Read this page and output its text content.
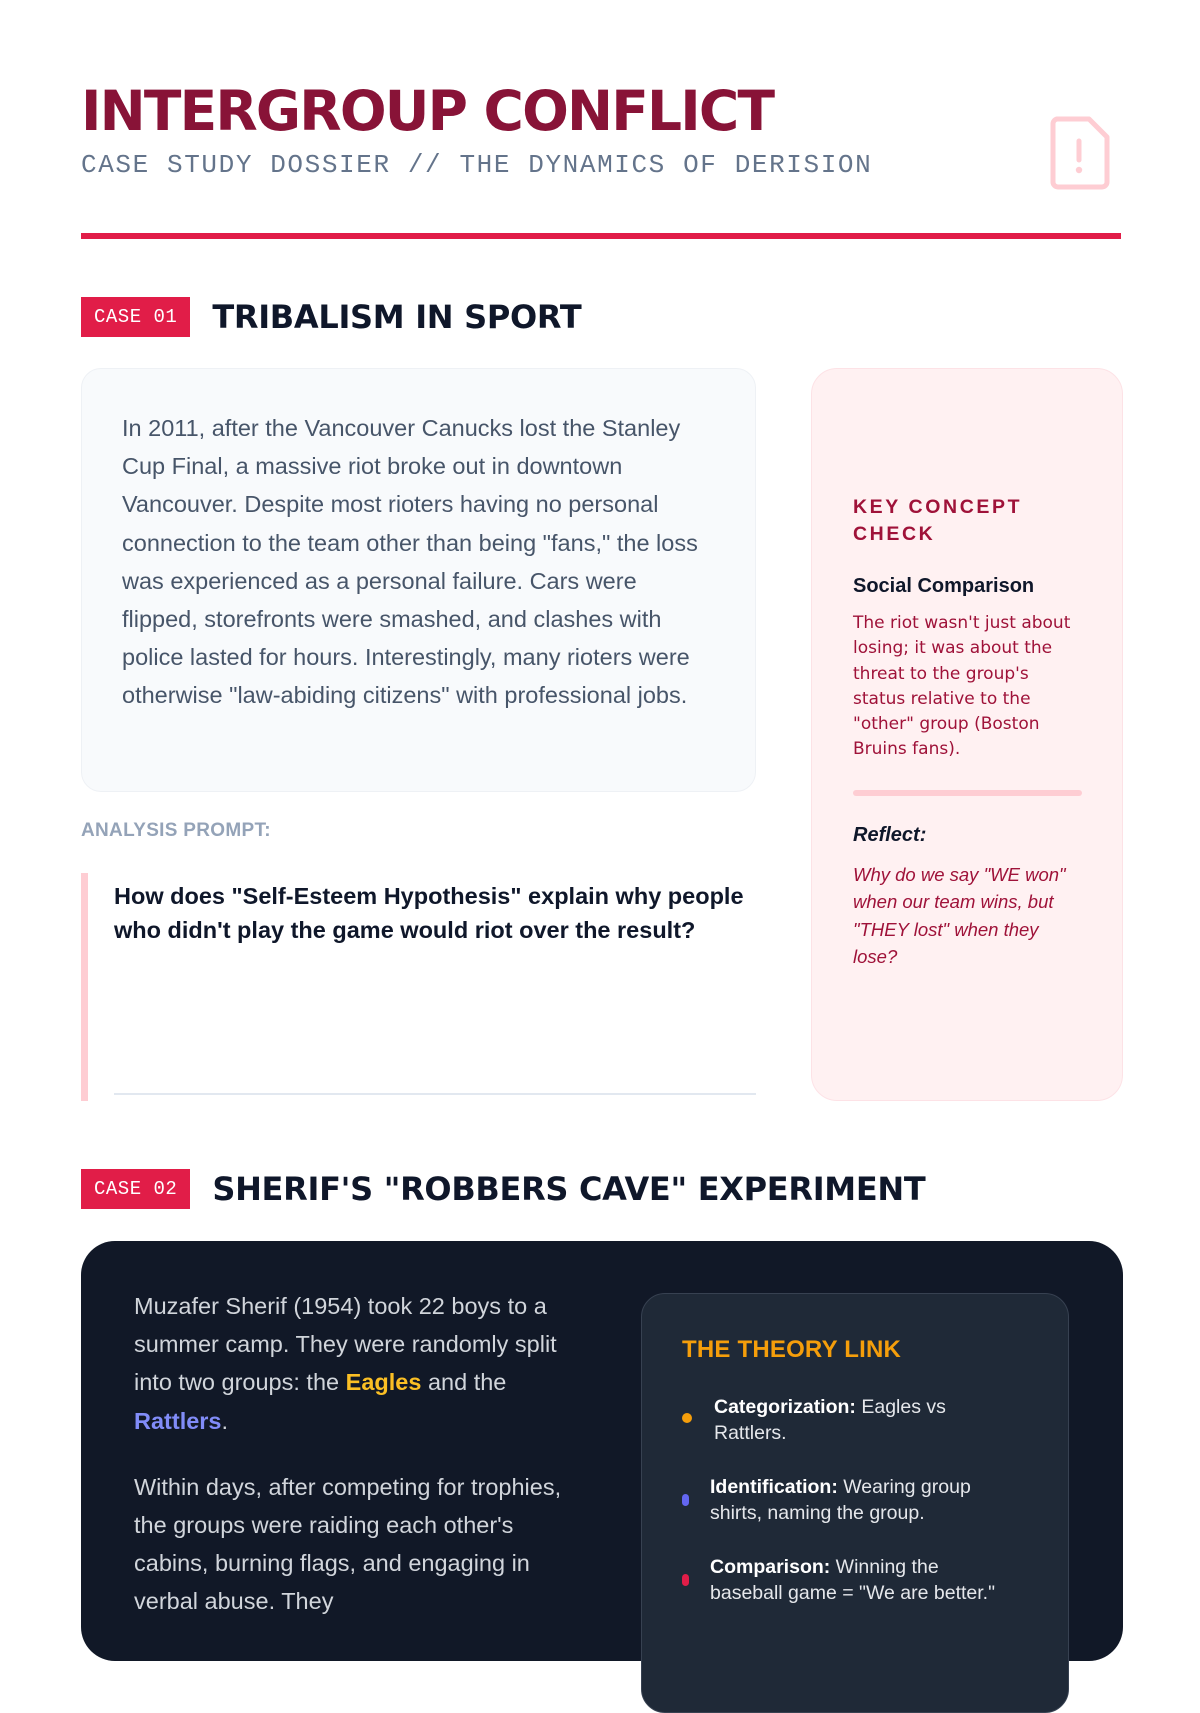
INTERGROUP CONFLICT
CASE STUDY DOSSIER // THE DYNAMICS OF DERISION
CASE 01	TRIBALISM IN SPORT

In 2011, after the Vancouver Canucks lost the Stanley Cup Final, a massive riot broke out in downtown Vancouver. Despite most rioters having no personal connection to the team other than being "fans," the loss was experienced as a personal failure. Cars were flipped, storefronts were smashed, and clashes with police lasted for hours. Interestingly, many rioters were otherwise "law-abiding citizens" with professional jobs.

ANALYSIS PROMPT:

How does "Self-Esteem Hypothesis" explain why people who didn't play the game would riot over the result?

KEY CONCEPT CHECK
Social Comparison

The riot wasn't just about losing; it was about the threat to the group's status relative to the "other" group (Boston Bruins fans).

Reflect:

Why do we say "WE won" when our team wins, but "THEY lost" when they lose?

CASE 02	SHERIF'S "ROBBERS CAVE" EXPERIMENT

Muzafer Sherif (1954) took 22 boys to a summer camp. They were randomly split into two groups: the Eagles and the Rattlers.

Within days, after competing for trophies, the groups were raiding each other's cabins, burning flags, and engaging in verbal abuse. They

THE THEORY LINK
Categorization: Eagles vs Rattlers.
Identification: Wearing group shirts, naming the group.
Comparison: Winning the baseball game = "We are better."
